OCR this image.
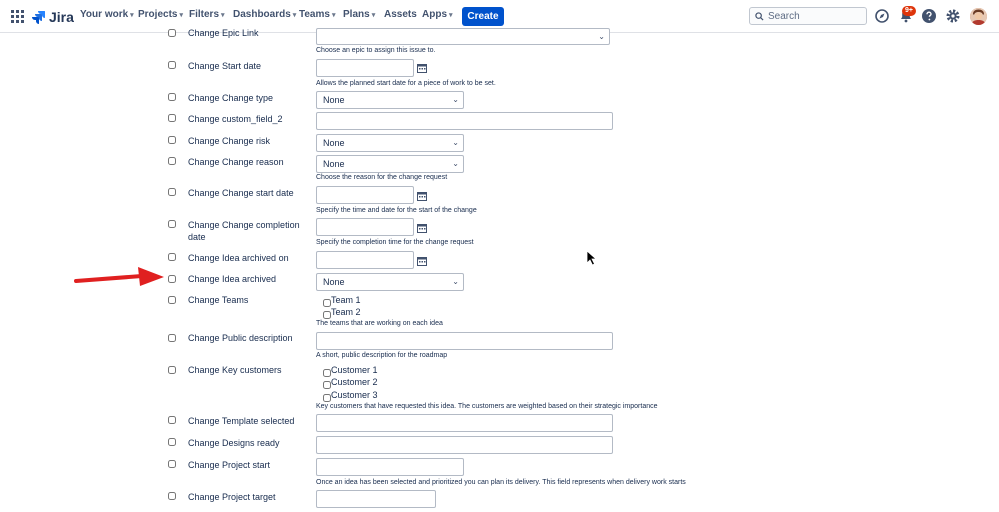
Jira Your work ▾ Projects ▾ Filters ▾ Dashboards ▾ Teams ▾ Plans ▾ Assets Apps ▾	Create
Search
9+
Change Epic Link	⌄
Choose an epic to assign this issue to.
Change Start date
Allows the planned start date for a piece of work to be set.
Change Change type	None	⌄
Change custom_field_2
Change Change risk	None	⌄
Change Change reason	None	⌄
Choose the reason for the change request
Change Change start date
Specify the time and date for the start of the change
Change Change completion date
Specify the completion time for the change request
Change Idea archived on
Change Idea archived	None	⌄
Change Teams	Team 1
Team 2
The teams that are working on each idea
Change Public description
A short, public description for the roadmap
Change Key customers	Customer 1
Customer 2
Customer 3
Key customers that have requested this idea. The customers are weighted based on their strategic importance
Change Template selected
Change Designs ready
Change Project start
Once an idea has been selected and prioritized you can plan its delivery. This field represents when delivery work starts
Change Project target
